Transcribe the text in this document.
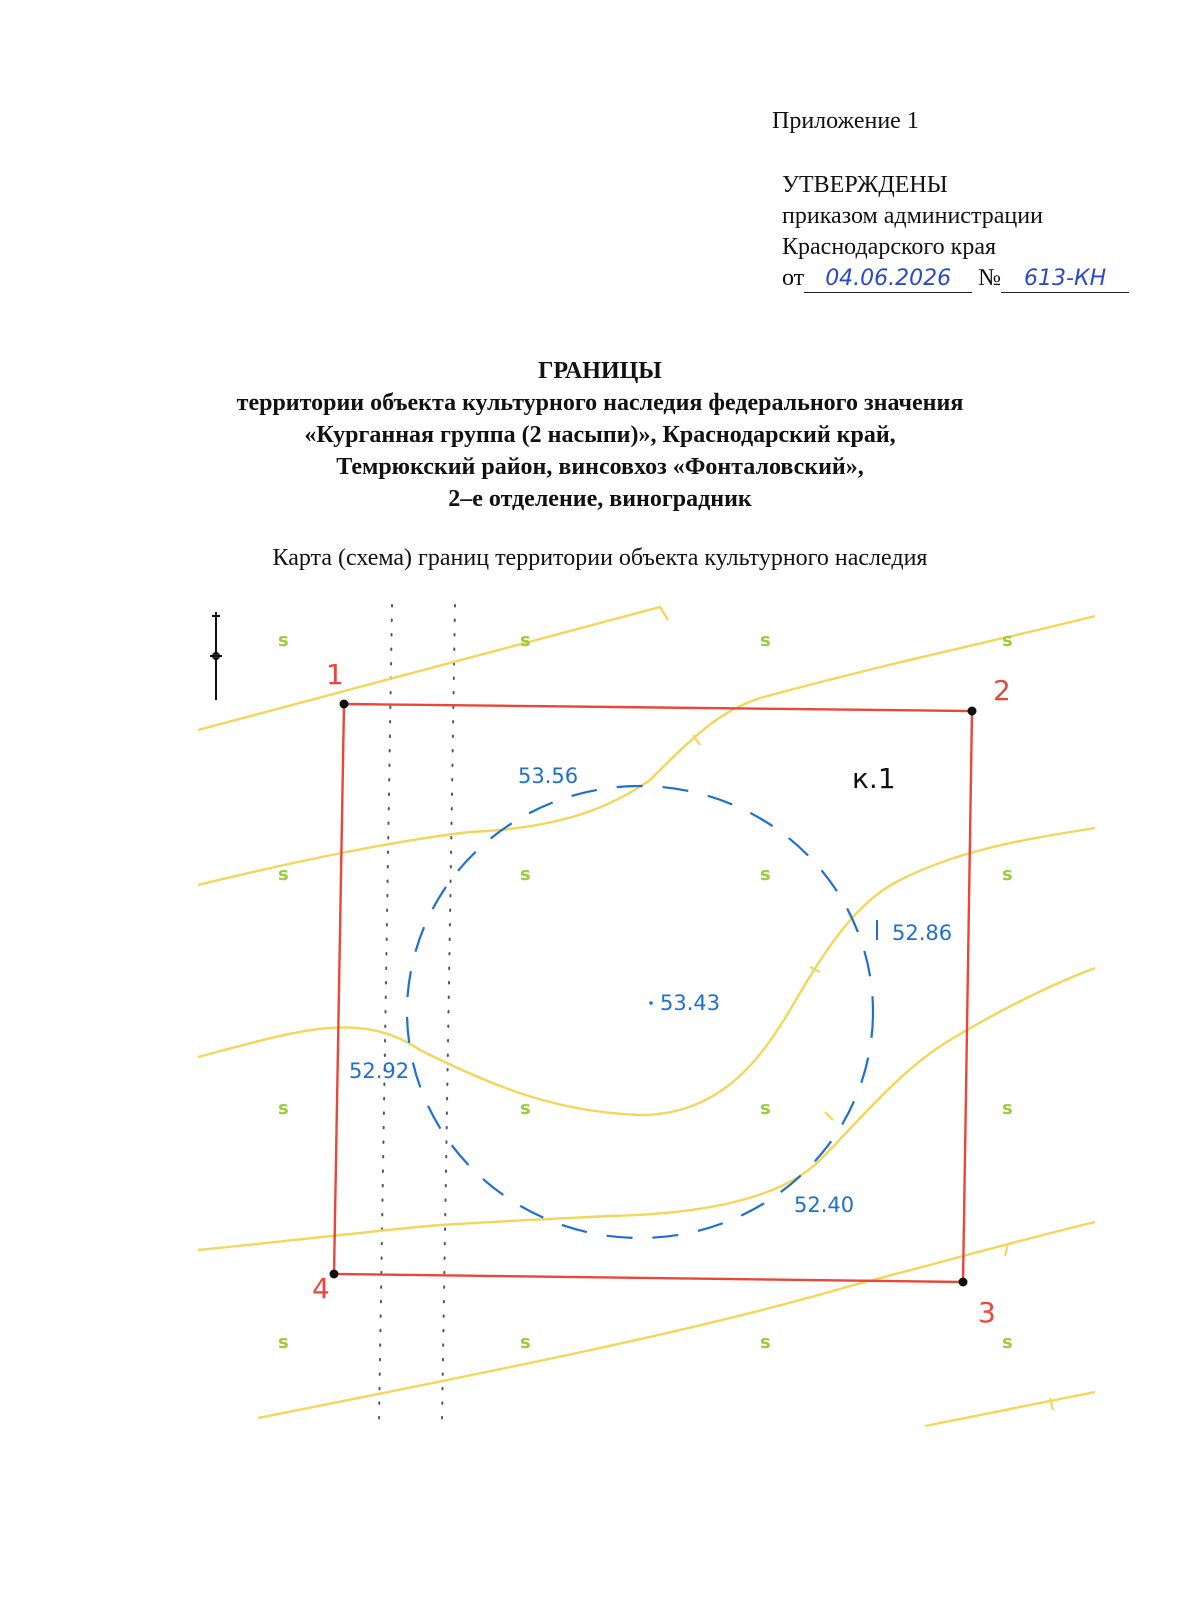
Приложение 1
УТВЕРЖДЕНЫ
приказом администрации
Краснодарского края
от 04.06.2026 № 613-КН
ГРАНИЦЫ
территории объекта культурного наследия федерального значения
«Курганная группа (2 насыпи)», Краснодарский край,
Темрюкский район, винсовхоз «Фонталовский»,
2–е отделение, виноградник
Карта (схема) границ территории объекта культурного наследия
1	2
3
4
к.1
53.56
52.86
53.43
52.92
52.40
s	s	s	s
s	s	s	s
s	s	s	s
s	s	s	s
